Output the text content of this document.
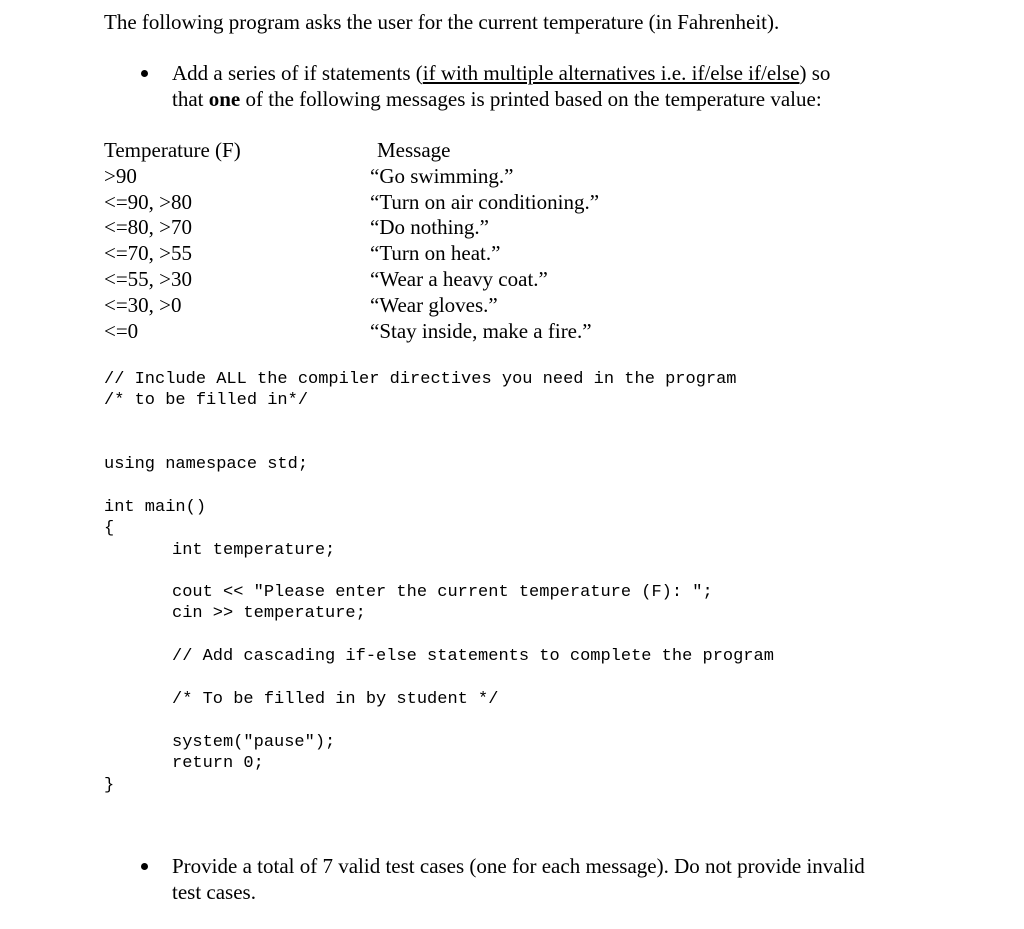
The following program asks the user for the current temperature (in Fahrenheit).
Add a series of if statements (if with multiple alternatives i.e. if/else if/else) so
that one of the following messages is printed based on the temperature value:
Temperature (F)	Message
>90	“Go swimming.”
<=90, >80	“Turn on air conditioning.”
<=80, >70	“Do nothing.”
<=70, >55	“Turn on heat.”
<=55, >30	“Wear a heavy coat.”
<=30, >0	“Wear gloves.”
<=0	“Stay inside, make a fire.”
// Include ALL the compiler directives you need in the program
/* to be filled in*/
using namespace std;
int main()
{
int temperature;
cout << "Please enter the current temperature (F): ";
cin >> temperature;
// Add cascading if-else statements to complete the program
/* To be filled in by student */
system("pause");
return 0;
}
Provide a total of 7 valid test cases (one for each message). Do not provide invalid
test cases.
